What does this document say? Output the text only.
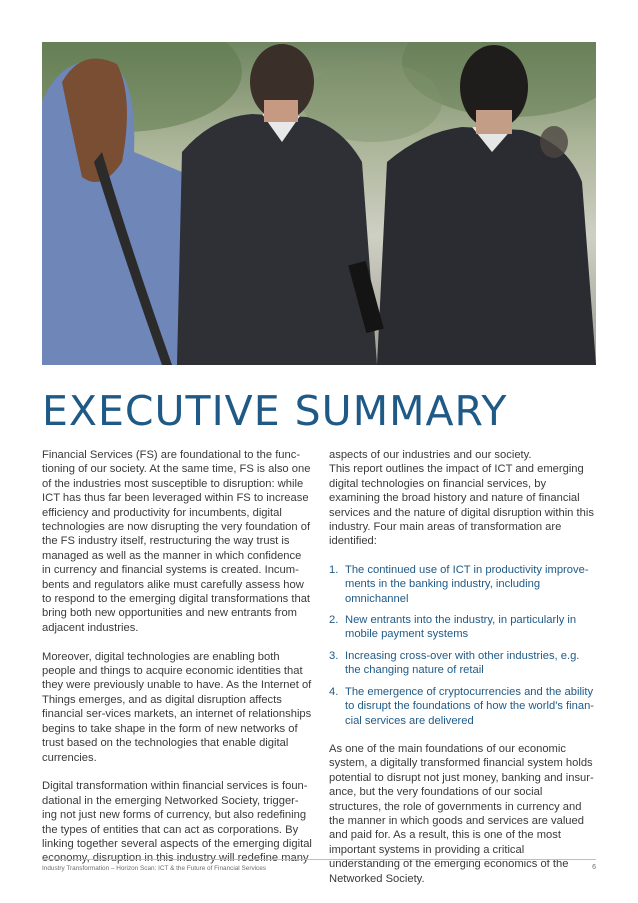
EXECUTIVE SUMMARY

Financial Services (FS) are foundational to the func-tioning of our society. At the same time, FS is also one of the industries most susceptible to disruption: while ICT has thus far been leveraged within FS to increase efficiency and productivity for incumbents, digital technologies are now disrupting the very foundation of the FS industry itself, restructuring the way trust is managed as well as the manner in which confidence in currency and financial systems is created. Incum-bents and regulators alike must carefully assess how to respond to the emerging digital transformations that bring both new opportunities and new entrants from adjacent industries.

Moreover, digital technologies are enabling both people and things to acquire economic identities that they were previously unable to have. As the Internet of Things emerges, and as digital disruption affects financial ser-vices markets, an internet of relationships begins to take shape in the form of new networks of trust based on the technologies that enable digital currencies.

Digital transformation within financial services is foun-dational in the emerging Networked Society, trigger-ing not just new forms of currency, but also redefining the types of entities that can act as corporations. By linking together several aspects of the emerging digital economy, disruption in this industry will redefine many

aspects of our industries and our society.

This report outlines the impact of ICT and emerging digital technologies on financial services, by examining the broad history and nature of financial services and the nature of digital disruption within this industry. Four main areas of transformation are identified:

1. The continued use of ICT in productivity improve-ments in the banking industry, including omnichannel
2. New entrants into the industry, in particularly in mobile payment systems
3. Increasing cross-over with other industries, e.g. the changing nature of retail
4. The emergence of cryptocurrencies and the ability to disrupt the foundations of how the world's finan-cial services are delivered

As one of the main foundations of our economic system, a digitally transformed financial system holds potential to disrupt not just money, banking and insur-ance, but the very foundations of our social structures, the role of governments in currency and the manner in which goods and services are valued and paid for. As a result, this is one of the most important systems in providing a critical understanding of the emerging economics of the Networked Society.

Industry Transformation – Horizon Scan: ICT & the Future of Financial Services	6
